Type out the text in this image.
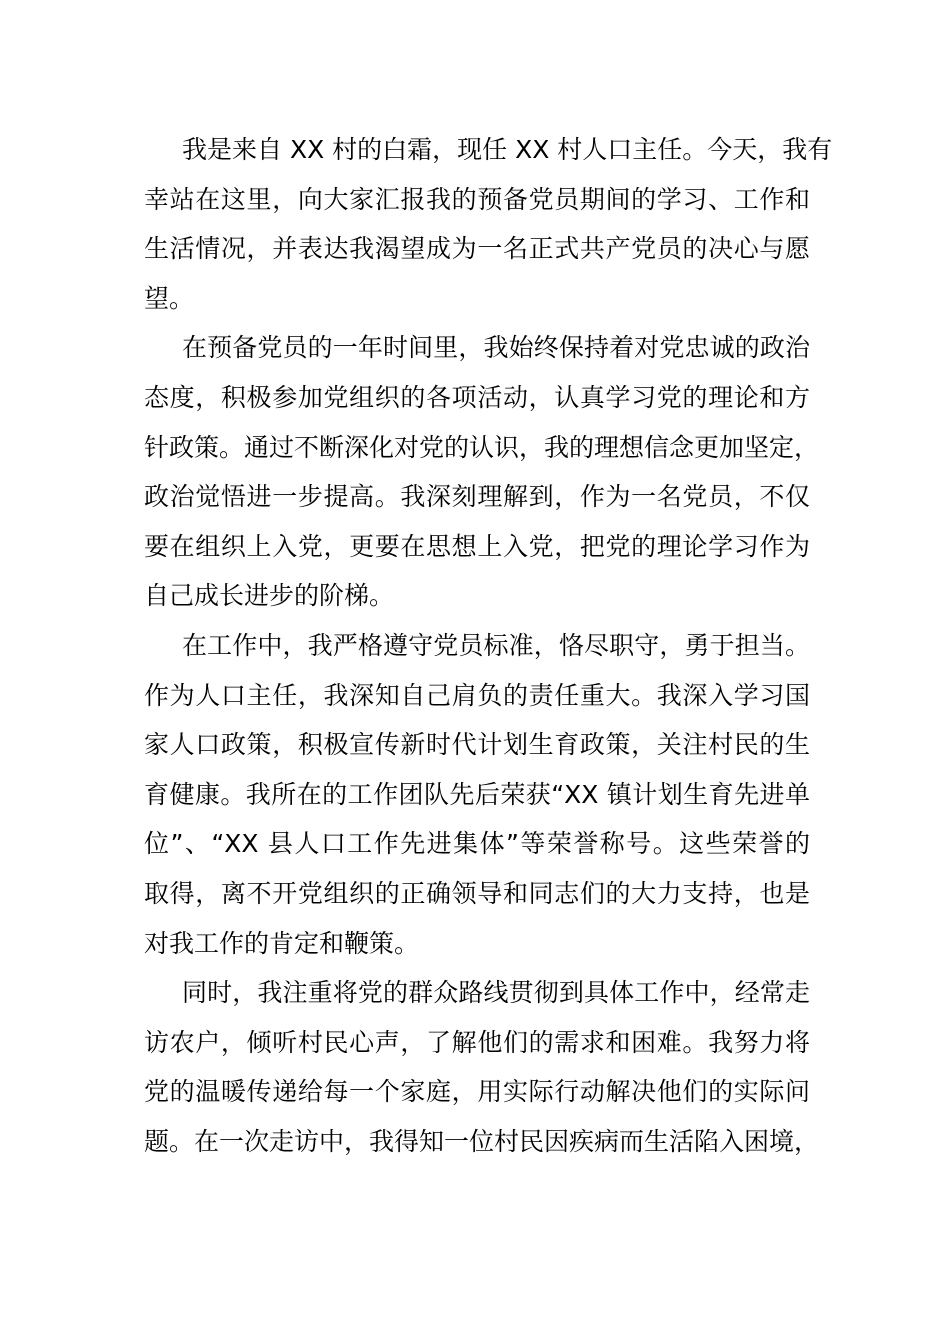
我是来自 XX 村的白霜，现任 XX 村人口主任。今天，我有
幸站在这里，向大家汇报我的预备党员期间的学习、工作和
生活情况，并表达我渴望成为一名正式共产党员的决心与愿
望。
在预备党员的一年时间里，我始终保持着对党忠诚的政治
态度，积极参加党组织的各项活动，认真学习党的理论和方
针政策。通过不断深化对党的认识，我的理想信念更加坚定，
政治觉悟进一步提高。我深刻理解到，作为一名党员，不仅
要在组织上入党，更要在思想上入党，把党的理论学习作为
自己成长进步的阶梯。
在工作中，我严格遵守党员标准，恪尽职守，勇于担当。
作为人口主任，我深知自己肩负的责任重大。我深入学习国
家人口政策，积极宣传新时代计划生育政策，关注村民的生
育健康。我所在的工作团队先后荣获“XX 镇计划生育先进单
位”、“XX 县人口工作先进集体”等荣誉称号。这些荣誉的
取得，离不开党组织的正确领导和同志们的大力支持，也是
对我工作的肯定和鞭策。
同时，我注重将党的群众路线贯彻到具体工作中，经常走
访农户，倾听村民心声，了解他们的需求和困难。我努力将
党的温暖传递给每一个家庭，用实际行动解决他们的实际问
题。在一次走访中，我得知一位村民因疾病而生活陷入困境，
